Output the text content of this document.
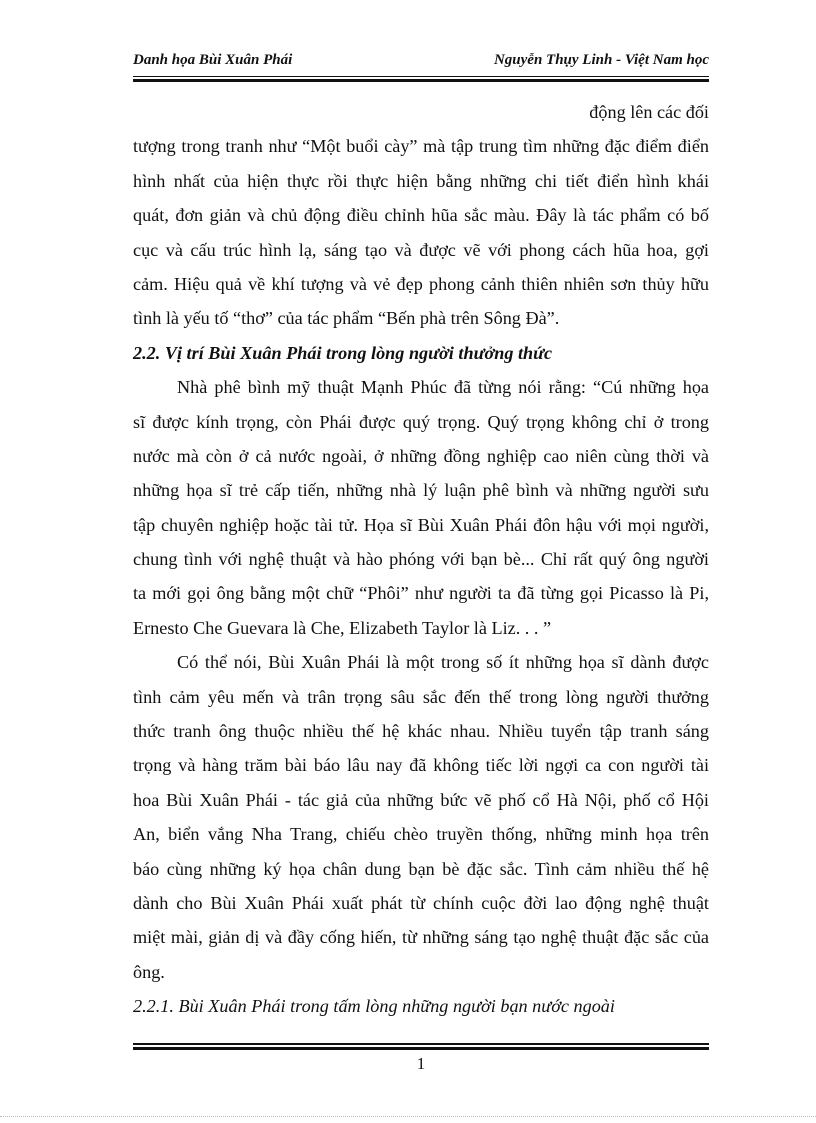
Danh họa Bùi Xuân Phái	Nguyễn Thụy Linh - Việt Nam học
động lên các đối
tượng trong tranh như “Một buổi cày” mà tập trung tìm những đặc điểm điển
hình nhất của hiện thực rồi thực hiện bằng những chi tiết điển hình khái
quát, đơn giản và chủ động điều chỉnh hũa sắc màu. Đây là tác phẩm có bố
cục và cấu trúc hình lạ, sáng tạo và được vẽ với phong cách hũa hoa, gợi
cảm. Hiệu quả về khí tượng và vẻ đẹp phong cảnh thiên nhiên sơn thủy hữu
tình là yếu tố “thơ” của tác phẩm “Bến phà trên Sông Đà”.
2.2. Vị trí Bùi Xuân Phái trong lòng người thưởng thức
Nhà phê bình mỹ thuật Mạnh Phúc đã từng nói rằng: “Cú những họa
sĩ được kính trọng, còn Phái được quý trọng. Quý trọng không chỉ ở trong
nước mà còn ở cả nước ngoài, ở những đồng nghiệp cao niên cùng thời và
những họa sĩ trẻ cấp tiến, những nhà lý luận phê bình và những người sưu
tập chuyên nghiệp hoặc tài tử. Họa sĩ Bùi Xuân Phái đôn hậu với mọi người,
chung tình với nghệ thuật và hào phóng với bạn bè... Chỉ rất quý ông người
ta mới gọi ông bằng một chữ “Phôi” như người ta đã từng gọi Picasso là Pi,
Ernesto Che Guevara là Che, Elizabeth Taylor là Liz. . . ”
Có thể nói, Bùi Xuân Phái là một trong số ít những họa sĩ dành được
tình cảm yêu mến và trân trọng sâu sắc đến thế trong lòng người thưởng
thức tranh ông thuộc nhiều thế hệ khác nhau. Nhiều tuyển tập tranh sáng
trọng và hàng trăm bài báo lâu nay đã không tiếc lời ngợi ca con người tài
hoa Bùi Xuân Phái - tác giả của những bức vẽ phố cổ Hà Nội, phố cổ Hội
An, biển vắng Nha Trang, chiếu chèo truyền thống, những minh họa trên
báo cùng những ký họa chân dung bạn bè đặc sắc. Tình cảm nhiều thế hệ
dành cho Bùi Xuân Phái xuất phát từ chính cuộc đời lao động nghệ thuật
miệt mài, giản dị và đầy cống hiến, từ những sáng tạo nghệ thuật đặc sắc của
ông.
2.2.1. Bùi Xuân Phái trong tấm lòng những người bạn nước ngoài
1
